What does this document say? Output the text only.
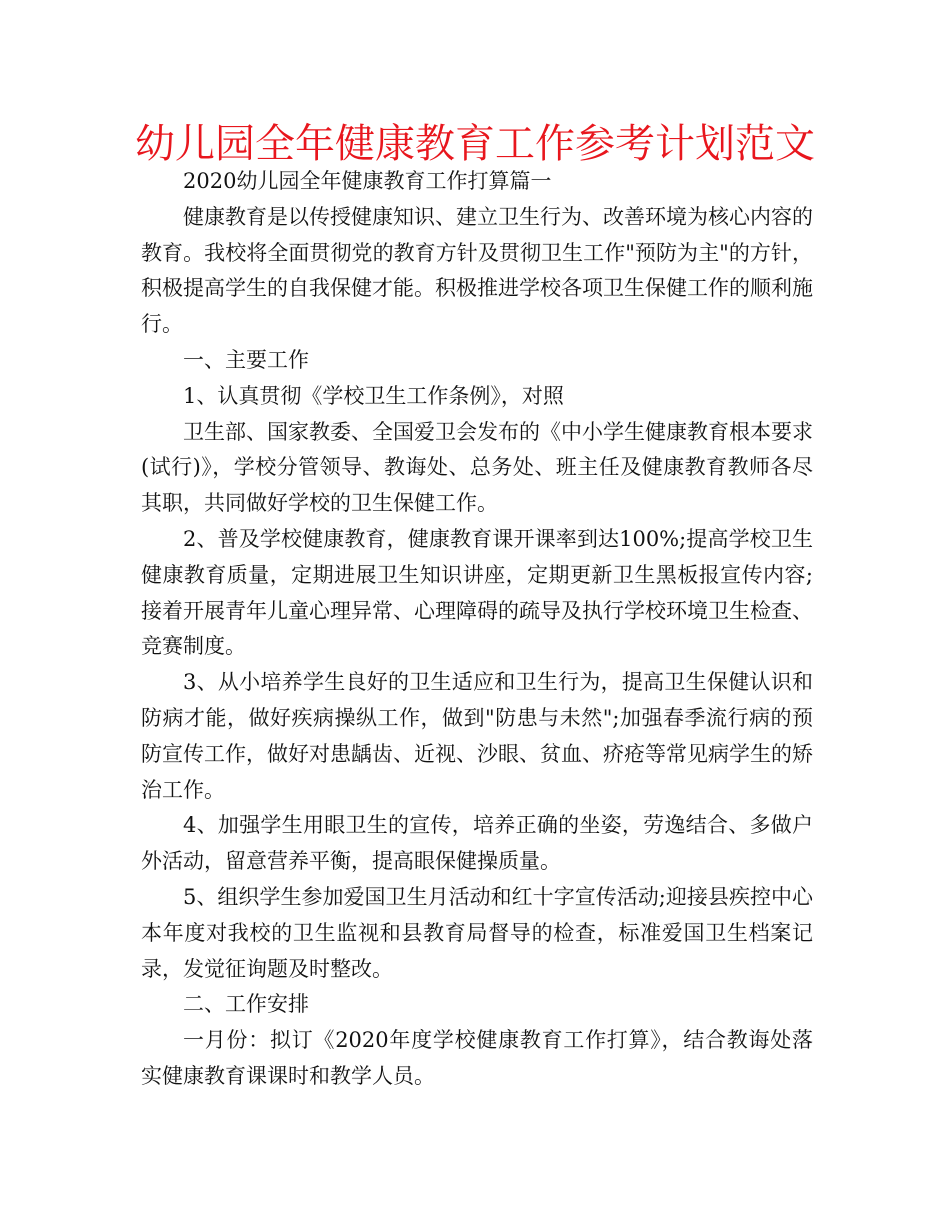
幼儿园全年健康教育工作参考计划范文

2020幼儿园全年健康教育工作打算篇一

健康教育是以传授健康知识、建立卫生行为、改善环境为核心内容的教育。我校将全面贯彻党的教育方针及贯彻卫生工作"预防为主"的方针，积极提高学生的自我保健才能。积极推进学校各项卫生保健工作的顺利施行。

一、主要工作

1、认真贯彻《学校卫生工作条例》，对照

卫生部、国家教委、全国爱卫会发布的《中小学生健康教育根本要求(试行)》，学校分管领导、教诲处、总务处、班主任及健康教育教师各尽其职，共同做好学校的卫生保健工作。

2、普及学校健康教育，健康教育课开课率到达100%;提高学校卫生健康教育质量，定期进展卫生知识讲座，定期更新卫生黑板报宣传内容;接着开展青年儿童心理异常、心理障碍的疏导及执行学校环境卫生检查、竞赛制度。

3、从小培养学生良好的卫生适应和卫生行为，提高卫生保健认识和防病才能，做好疾病操纵工作，做到"防患与未然";加强春季流行病的预防宣传工作，做好对患龋齿、近视、沙眼、贫血、疥疮等常见病学生的矫治工作。

4、加强学生用眼卫生的宣传，培养正确的坐姿，劳逸结合、多做户外活动，留意营养平衡，提高眼保健操质量。

5、组织学生参加爱国卫生月活动和红十字宣传活动;迎接县疾控中心本年度对我校的卫生监视和县教育局督导的检查，标准爱国卫生档案记录，发觉征询题及时整改。

二、工作安排

一月份：拟订《2020年度学校健康教育工作打算》，结合教诲处落实健康教育课课时和教学人员。
